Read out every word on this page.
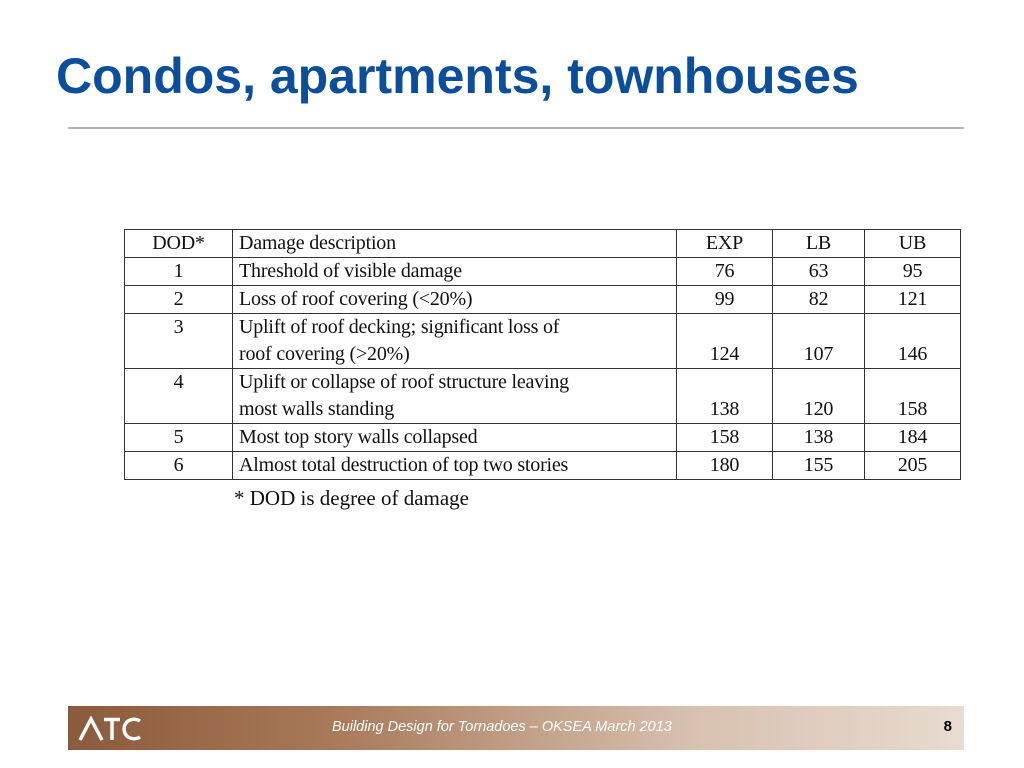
Condos, apartments, townhouses
DOD*	Damage description	EXP	LB	UB
1	Threshold of visible damage	76	63	95
2	Loss of roof covering (<20%)	99	82	121
3	Uplift of roof decking; significant loss of
roof covering (>20%)	124	107	146
4	Uplift or collapse of roof structure leaving
most walls standing	138	120	158
5	Most top story walls collapsed	158	138	184
6	Almost total destruction of top two stories	180	155	205
* DOD is degree of damage
Building Design for Tornadoes – OKSEA March 2013	8
